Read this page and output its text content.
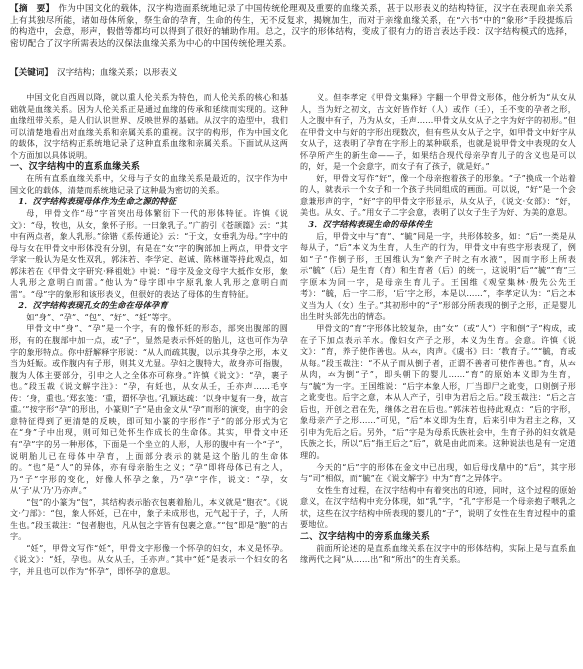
【摘　要】 作为中国文化的载体，汉字构造面系统地记录了中国传统伦理观及重要的血缘关系，甚于以形表义的结构特征，汉字在表现血亲关系上有其独尽所能，诸如母体所象，祭生命的孕育，生命的传生，无不反复求，揭婉加生，而对于亲缘血缘关系，在“六书”中的“象形”手段提炼后的构造中，会意，形声，假借等都均可以得到了很好的辅助作用。总之，汉字的形体结构，变成了很有力的语言表达手段：汉字结构模式的选择，密切配合了汉字所需表达的汉保法血缘关系为中心的中国传统伦理关系。
【关键词】 汉字结构；血缘关系；以形表义

中国文化自西周以降，就以重人伦关系为特色，而人伦关系的核心和基础就是血缘关系。因为人伦关系正是通过血缘的传承和延续而实现的。这种血缘纽带关系，是人们认识世界、反映世界的基础。从汉字的造型中，我们可以清楚地看出对血缘关系和亲属关系的重视。汉字的构形，作为中国文化的载体，汉字结构正系统地记录了这种直系血缘和亲属关系。下面试从这两个方面加以具体说明。

一、汉字结构中的直系血缘关系

在所有直系血缘关系中，父母与子女的血缘关系是最近的，汉字作为中国文化的载体，清楚而系统地记录了这种最为密切的关系。

1．汉字结构表现母体作为生命之源的特征

母，甲骨文作“母”字首突出母体繁衍下一代的形体特征。许慎《说文》：“母，牧也，从女，象怀子形。一曰象乳子。”广韵引《苍颉篇》云：“其中有两点者，象人乳形。”徐锴《系传通论》云：“于文，女垂乳为母。”字中的母与女在甲骨文中形体没有分别，有是在“女”字的胸部加上两点，甲骨文字学家一般认为是女性双乳，郭沫若、李学定、赵诚、陈林谨等持此观点，如郭沫若在《甲骨文字研究·释祖妣》中说：“母字及金文母字大抵作女形，象人乳形之意明白而雷。”他认为“母字即中字原乳象人乳形之意明白而雷”。“母”字的象形和该形表义，但很好的表达了母体的生育特征。

2．汉字结构表现孔女的生命在母体孕育

如“身”、“孕”、“包”、“好”、“妊”等字。

甲骨文中“身”、“孕”是一个字，有的像怀妊的形态，部突出腹部的圆形，有的在腹部中加一点，或“子”，显然是表示怀妊的胎儿，这也可作为孕字的象形特点。你中舒解释字形说：“从人而疏其腹，以示其身孕之形，本义当为妊娠。或作腹内有子形，则其义尤显。孕妇之腹特大，故身亦可指腹，腹为人体主要部分，引申之人之全体亦可称身。”许慎《说文》：“孕，裹子也。”段玉裁《说文解字注》：“孕，有妊也，从女从壬，壬亦声……毛亨传：‘身，重也。’郑玄笺：‘重，谓怀孕也。’孔颖达疏：‘以身中复有一身，故言重。’”按字形“孕”的形出，小篆则“子”是由金文从“孕”而形的演变，由字的会意特征得到了更清楚的反映，即可知小篆的字形作“子”的部分形式为它在“身”子中出现，则可知已处怀生作成长的生命体。其实，甲骨文中还有“孕”字的另一种形体，下面是一个坐立的人形，人形的腹中有一个“子”，说明胎儿已在母体中孕育，上面部分表示的就是这个胎儿的生命体的。“也”是“人”的异体，亦有母亲胎生之义；“孕”即将母体已有之人，乃“子”字形的变化，好像人怀孕之象，乃“孕”字作，说文：“孕，女从‘子’从‘乃’乃亦声。”

“包”的小篆为“包”，其结构表示胎衣包裹着胎儿，本义就是“胞衣”。《说文·勹部》：“包，象人怀妊，已在中，象子未成形也，元气起于子，子，人所生也。”段玉裁注：“包者胞也，凡从包之字皆有包裹之意。”“包”即是“胞”的古字。

“妊”，甲骨文写作“妊”，甲骨文字形像一个怀孕的妇女，本义是怀孕。《说文》：“妊，孕也。从女从壬，壬亦声。”其中“妊”是表示一个妇女的名字，并且也可以作为“怀孕”，即怀孕的意思。

义。但李孝定《甲骨文集释》字翻一个甲骨文形体，他分析为“从女从人，当为好之初文，古文好皆作好（人）或作（壬），壬不变的孕者之形，人之腹中有子，乃为从女，壬声……甲骨文从女从子之字为好字的初形。”但在甲骨文中与好的字形出现数次，但有些从女从子之字，如甲骨文中好字从女从子，这表明了孕育在字形上的某种联系，也就是说甲骨文中表现的女人怀孕所产生的新生命——子，如果结合现代母亲孕育儿子的含义也是可以的，好，是一个会意字，而女子有了孩子，就是好。”

好，甲骨文写作“好”，像一个母亲抱着孩子的形象。“子”换成一个站着的人，就表示一个女子和一个孩子共同组成的画面。可以说，“好”是一个会意兼形声的字，“好”字的甲骨文字形显示，从女从子，《说文·女部》：“好，美也。从女、子。”用女子二字会意，表明了以女子生子为好、为美的意思。

3．汉字结构表现生命的母体传生

后，甲骨文中与“育”、“毓”同是一字，共形体较多，如：“后”一类是从每从子，“后”本义为生育，人生产的行为，甲骨文中有些字形表现了，例如“子”作倒子形，王国维认为“象产子时之有水液”，因而字形上所表示“毓”（后）是生育（育）和生育者（后）的统一，这说明“后”“毓”“育”三字原本为同一字，是母亲生育儿子。王国维《观堂集林·殷先公先王考》：“毓，后一字二形，‘后’字之形，本是以……”，李孝定认为：“后之本义当为人（女）生子。”其初形中的“子”形部分所表现的倒子之形，正是婴儿出生时头部先出的情态。

甲骨文的“育”字形体比较复杂，由“女”（或“人”）字和倒“子”构成，或在子下加点表示羊水。像妇女产子之形，本义为生育。会意。许慎《说文》：“育，养子使作善也。从𠫓，肉声。《虞书》曰：‘教育子。’”“毓，育或从每。”段玉裁注：“不从子而从倒子者，正谓不善者可使作善也。”育，从𠫓从肉，𠫓为倒“子”，即头朝下的婴儿……“育”的原始本义即为生育，与“毓”为一字。王国维说：“后字本象人形，厂当即尸之讹变，口则倒子形之讹变也。后字之意，本从人产子，引申为君后之后。”段玉裁注：“后之言后也，开创之君在先，继体之君在后也。”郭沫若也持此观点：“后的字形，象母亲产子之形……”可见，“后”本义即为生育，后来引申为君主之称，又引申为先后之后。另外，“后”字是为母系氏族社会中，生育子孙的妇女就是氏族之长，所以“后”指王后之“后”，就是由此而来。这种说法也是有一定道理的。

今天的“后”字的形体在金文中已出现，如后母戊鼎中的“后”，其字形与“司”相似，而“毓”在《说文解字》中为“育”之异体字。

女性生育过程，在汉字结构中有着突出的印迹，同时，这个过程的原始意义，在汉字结构中充分体现，如“乳”字，“孔”字形是一个母亲抱子喂乳之状，这些在汉字结构中所表现的婴儿的“子”，说明了女性在生育过程中的重要地位。

二、汉字结构中的旁系血缘关系

前面所论述的是直系血缘关系在汉字中的形体结构，实际上是与直系血缘两代之间“从……出”和“所出”的生育关系。
